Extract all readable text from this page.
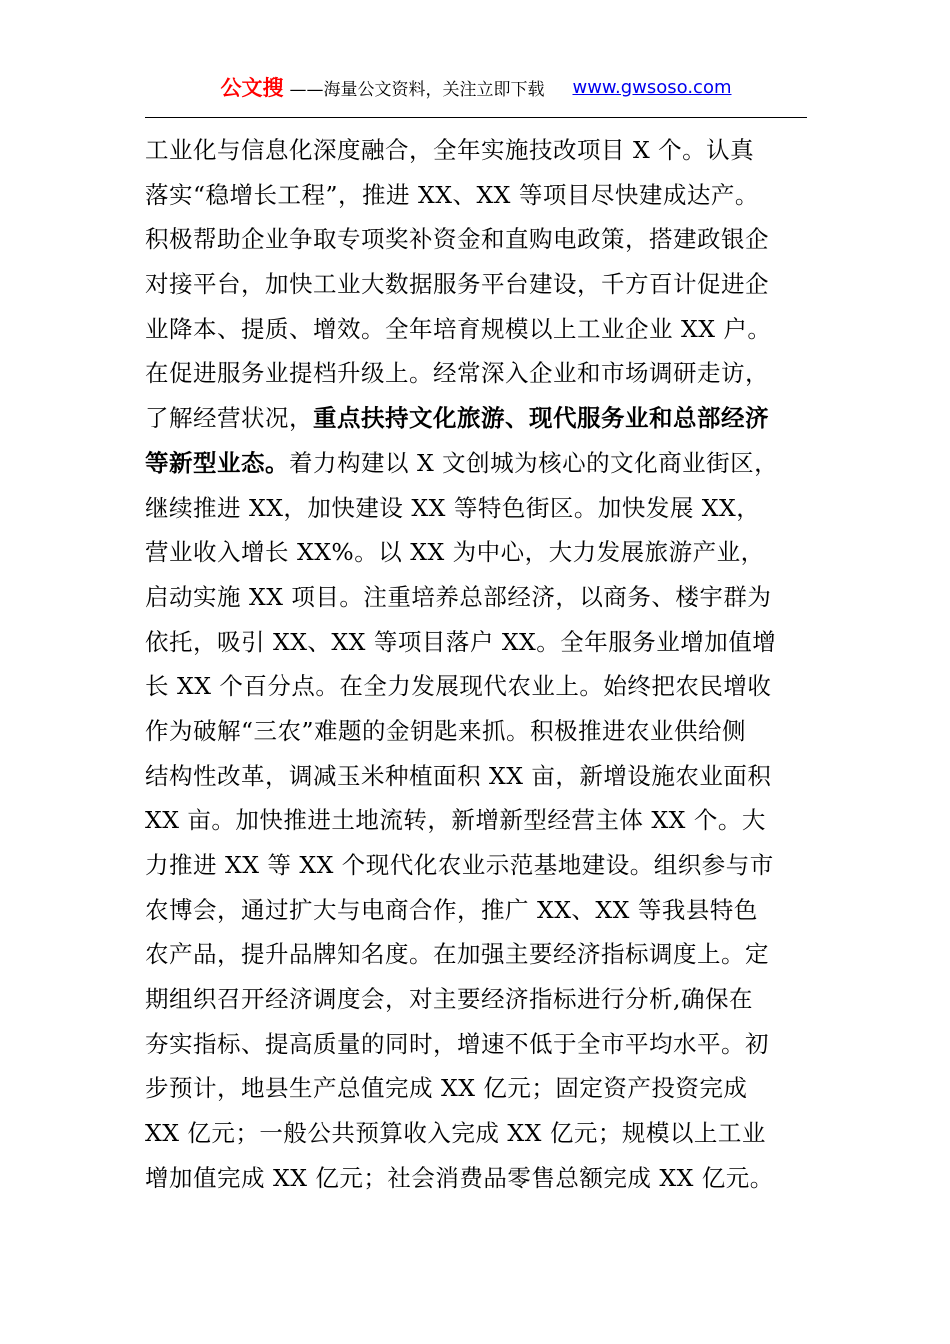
公文搜 ——海量公文资料，关注立即下载 www.gwsoso.com
工业化与信息化深度融合，全年实施技改项目 X 个。认真
落实“稳增长工程”，推进 XX、XX 等项目尽快建成达产。
积极帮助企业争取专项奖补资金和直购电政策，搭建政银企
对接平台，加快工业大数据服务平台建设，千方百计促进企
业降本、提质、增效。全年培育规模以上工业企业 XX 户。
在促进服务业提档升级上。经常深入企业和市场调研走访，
了解经营状况，重点扶持文化旅游、现代服务业和总部经济
等新型业态。着力构建以 X 文创城为核心的文化商业街区，
继续推进 XX，加快建设 XX 等特色街区。加快发展 XX，
营业收入增长 XX%。以 XX 为中心，大力发展旅游产业，
启动实施 XX 项目。注重培养总部经济，以商务、楼宇群为
依托，吸引 XX、XX 等项目落户 XX。全年服务业增加值增
长 XX 个百分点。在全力发展现代农业上。始终把农民增收
作为破解“三农”难题的金钥匙来抓。积极推进农业供给侧
结构性改革，调减玉米种植面积 XX 亩，新增设施农业面积
XX 亩。加快推进土地流转，新增新型经营主体 XX 个。大
力推进 XX 等 XX 个现代化农业示范基地建设。组织参与市
农博会，通过扩大与电商合作，推广 XX、XX 等我县特色
农产品，提升品牌知名度。在加强主要经济指标调度上。定
期组织召开经济调度会，对主要经济指标进行分析,确保在
夯实指标、提高质量的同时，增速不低于全市平均水平。初
步预计，地县生产总值完成 XX 亿元；固定资产投资完成
XX 亿元；一般公共预算收入完成 XX 亿元；规模以上工业
增加值完成 XX 亿元；社会消费品零售总额完成 XX 亿元。
